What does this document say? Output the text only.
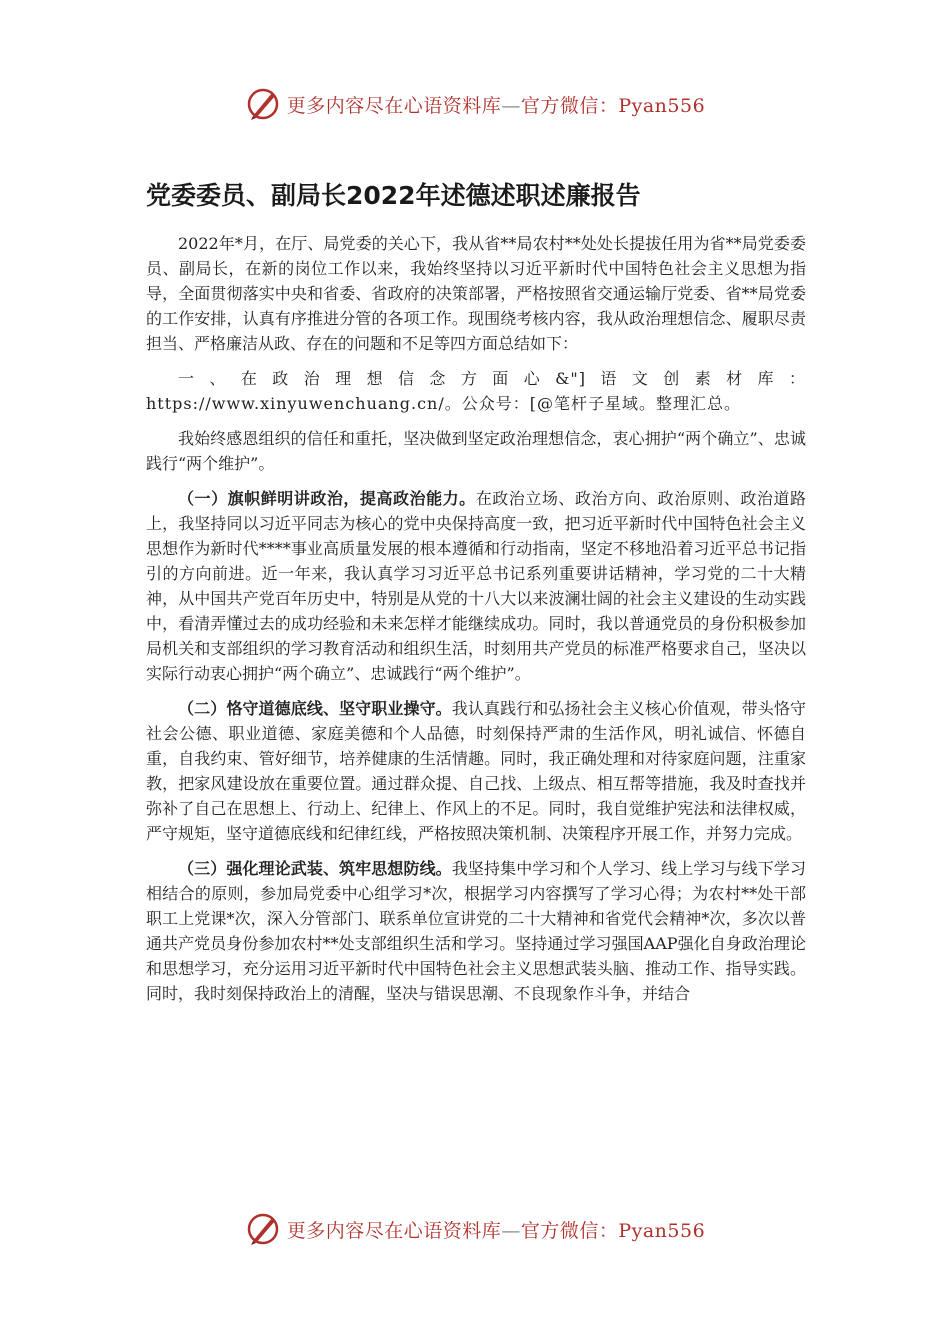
更多内容尽在心语资料库—官方微信：Pyan556
党委委员、副局长2022年述德述职述廉报告

2022年*月，在厅、局党委的关心下，我从省**局农村**处处长提拔任用为省**局党委委员、副局长，在新的岗位工作以来，我始终坚持以习近平新时代中国特色社会主义思想为指导，全面贯彻落实中央和省委、省政府的决策部署，严格按照省交通运输厅党委、省**局党委的工作安排，认真有序推进分管的各项工作。现围绕考核内容，我从政治理想信念、履职尽责担当、严格廉洁从政、存在的问题和不足等四方面总结如下：

一、在政治理想信念方面心&"]语文创素材库：https://www.xinyuwenchuang.cn/。公众号：[@笔杆子星域。整理汇总。

我始终感恩组织的信任和重托，坚决做到坚定政治理想信念，衷心拥护“两个确立”、忠诚践行“两个维护”。

（一）旗帜鲜明讲政治，提高政治能力。在政治立场、政治方向、政治原则、政治道路上，我坚持同以习近平同志为核心的党中央保持高度一致，把习近平新时代中国特色社会主义思想作为新时代****事业高质量发展的根本遵循和行动指南，坚定不移地沿着习近平总书记指引的方向前进。近一年来，我认真学习习近平总书记系列重要讲话精神，学习党的二十大精神，从中国共产党百年历史中，特别是从党的十八大以来波澜壮阔的社会主义建设的生动实践中，看清弄懂过去的成功经验和未来怎样才能继续成功。同时，我以普通党员的身份积极参加局机关和支部组织的学习教育活动和组织生活，时刻用共产党员的标准严格要求自己，坚决以实际行动衷心拥护“两个确立”、忠诚践行“两个维护”。

（二）恪守道德底线、坚守职业操守。我认真践行和弘扬社会主义核心价值观，带头恪守社会公德、职业道德、家庭美德和个人品德，时刻保持严肃的生活作风，明礼诚信、怀德自重，自我约束、管好细节，培养健康的生活情趣。同时，我正确处理和对待家庭问题，注重家教，把家风建设放在重要位置。通过群众提、自己找、上级点、相互帮等措施，我及时查找并弥补了自己在思想上、行动上、纪律上、作风上的不足。同时，我自觉维护宪法和法律权威，严守规矩，坚守道德底线和纪律红线，严格按照决策机制、决策程序开展工作，并努力完成。

（三）强化理论武装、筑牢思想防线。我坚持集中学习和个人学习、线上学习与线下学习相结合的原则，参加局党委中心组学习*次，根据学习内容撰写了学习心得；为农村**处干部职工上党课*次，深入分管部门、联系单位宣讲党的二十大精神和省党代会精神*次，多次以普通共产党员身份参加农村**处支部组织生活和学习。坚持通过学习强国AAP强化自身政治理论和思想学习，充分运用习近平新时代中国特色社会主义思想武装头脑、推动工作、指导实践。同时，我时刻保持政治上的清醒，坚决与错误思潮、不良现象作斗争，并结合

更多内容尽在心语资料库—官方微信：Pyan556
